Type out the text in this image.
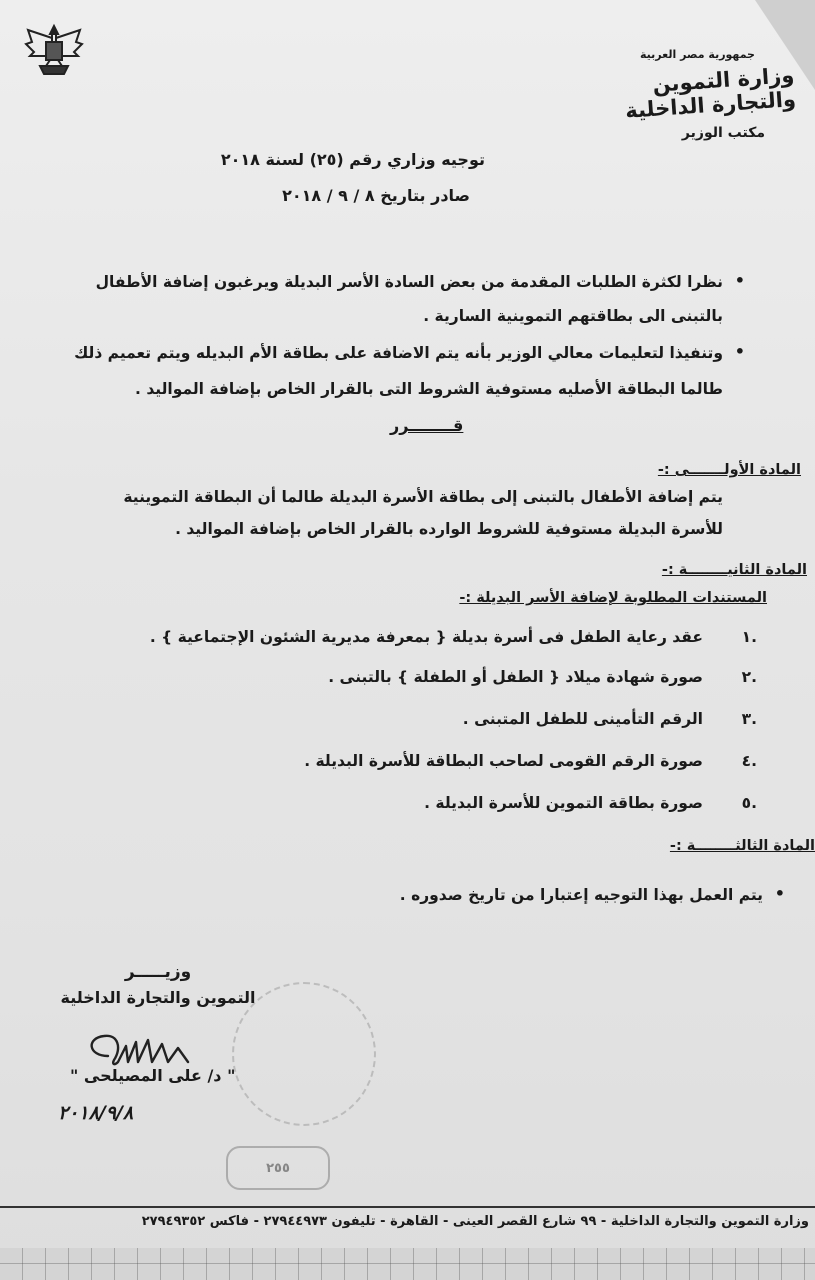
جمهورية مصر العربية
وزارة التموين والتجارة الداخلية
مكتب الوزير
توجيه وزاري رقم (٢٥) لسنة ٢٠١٨
صادر بتاريخ ٨ / ٩ / ٢٠١٨
• نظرا لكثرة الطلبات المقدمة من بعض السادة الأسر البديلة ويرغبون إضافة الأطفال
بالتبنى الى بطاقتهم التموينية السارية .
• وتنفيذا لتعليمات معالي الوزير بأنه يتم الاضافة على بطاقة الأم البديله ويتم تعميم ذلك
طالما البطاقة الأصليه مستوفية الشروط التى بالقرار الخاص بإضافة المواليد .
قــــــــرر
المادة الأولـــــــى :-
يتم إضافة الأطفال بالتبنى إلى بطاقة الأسرة البديلة طالما أن البطاقة التموينية
للأسرة البديلة مستوفية للشروط الوارده بالقرار الخاص بإضافة المواليد .
المادة الثانيــــــــة :-
المستندات المطلوبة لإضافة الأسر البديلة :-
.١عقد رعاية الطفل فى أسرة بديلة { بمعرفة مديرية الشئون الإجتماعية } .
.٢صورة شهادة ميلاد { الطفل أو الطفلة } بالتبنى .
.٣الرقم التأمينى للطفل المتبنى .
.٤صورة الرقم القومى لصاحب البطاقة للأسرة البديلة .
.٥صورة بطاقة التموين للأسرة البديلة .
المادة الثالثــــــــة :-
• يتم العمل بهذا التوجيه إعتبارا من تاريخ صدوره .
٢٥٥
وزيـــــر
التموين والتجارة الداخلية
" د/ على المصيلحى "
٢٠١٨/٩/٨
وزارة التموين والتجارة الداخلية - ٩٩ شارع القصر العينى - القاهرة - تليفون ٢٧٩٤٤٩٧٣ - فاكس ٢٧٩٤٩٣٥٢
